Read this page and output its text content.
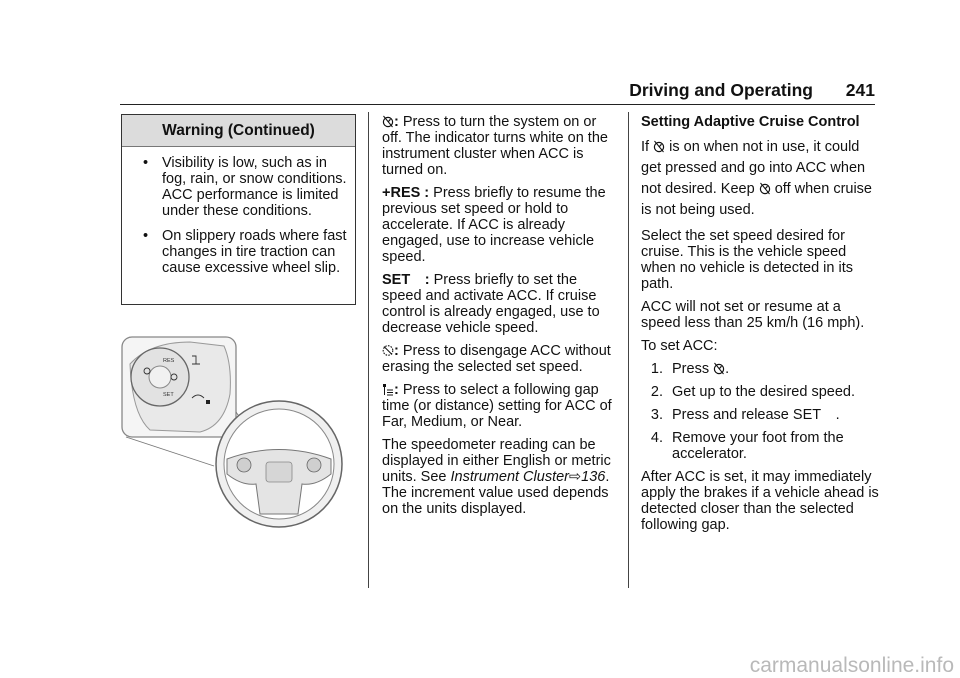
Driving and Operating 241
Warning (Continued)
• Visibility is low, such as in fog, rain, or snow conditions. ACC performance is limited under these conditions.
• On slippery roads where fast changes in tire traction can cause excessive wheel slip.
RES
SET

: Press to turn the system on or off. The indicator turns white on the instrument cluster when ACC is turned on.

+RES : Press briefly to resume the previous set speed or hold to accelerate. If ACC is already engaged, use to increase vehicle speed.

SET : Press briefly to set the speed and activate ACC. If cruise control is already engaged, use to decrease vehicle speed.

: Press to disengage ACC without erasing the selected set speed.

: Press to select a following gap time (or distance) setting for ACC of Far, Medium, or Near.

The speedometer reading can be displayed in either English or metric units. See Instrument Cluster⇨136. The increment value used depends on the units displayed.

Setting Adaptive Cruise Control

If is on when not in use, it could get pressed and go into ACC when not desired. Keep off when cruise is not being used.

Select the set speed desired for cruise. This is the vehicle speed when no vehicle is detected in its path.

ACC will not set or resume at a speed less than 25 km/h (16 mph).

To set ACC:

1. Press .
2. Get up to the desired speed.
3. Press and release SET .
4. Remove your foot from the accelerator.

After ACC is set, it may immediately apply the brakes if a vehicle ahead is detected closer than the selected following gap.

carmanualsonline.info
